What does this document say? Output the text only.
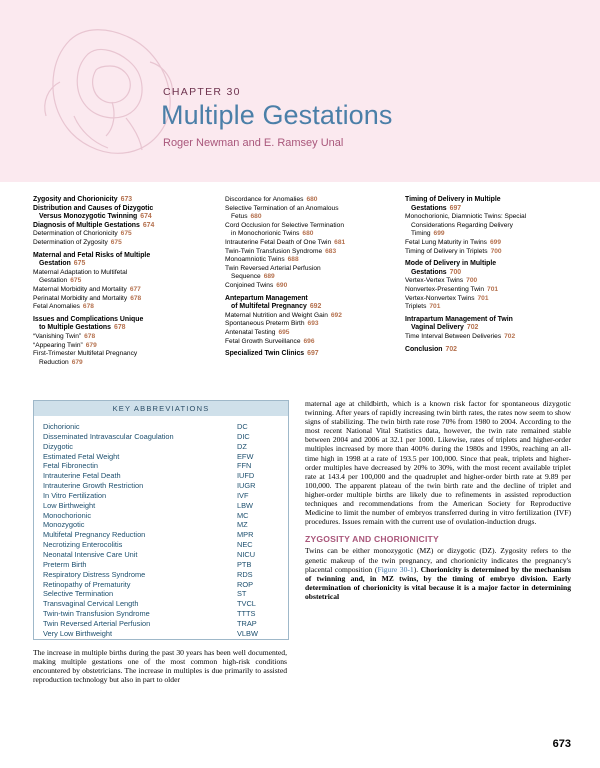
CHAPTER 30
Multiple Gestations
Roger Newman and E. Ramsey Unal
Zygosity and Chorionicity 673
Distribution and Causes of Dizygotic
Versus Monozygotic Twinning 674
Diagnosis of Multiple Gestations 674
Determination of Chorionicity 675
Determination of Zygosity 675
Maternal and Fetal Risks of Multiple
Gestation 675
Maternal Adaptation to Multifetal
Gestation 675
Maternal Morbidity and Mortality 677
Perinatal Morbidity and Mortality 678
Fetal Anomalies 678
Issues and Complications Unique
to Multiple Gestations 678
“Vanishing Twin” 678
“Appearing Twin” 679
First-Trimester Multifetal Pregnancy
Reduction 679
Discordance for Anomalies 680
Selective Termination of an Anomalous
Fetus 680
Cord Occlusion for Selective Termination
in Monochorionic Twins 680
Intrauterine Fetal Death of One Twin 681
Twin-Twin Transfusion Syndrome 683
Monoamniotic Twins 688
Twin Reversed Arterial Perfusion
Sequence 689
Conjoined Twins 690
Antepartum Management
of Multifetal Pregnancy 692
Maternal Nutrition and Weight Gain 692
Spontaneous Preterm Birth 693
Antenatal Testing 695
Fetal Growth Surveillance 696
Specialized Twin Clinics 697
Timing of Delivery in Multiple
Gestations 697
Monochorionic, Diamniotic Twins: Special
Considerations Regarding Delivery
Timing 699
Fetal Lung Maturity in Twins 699
Timing of Delivery in Triplets 700
Mode of Delivery in Multiple
Gestations 700
Vertex-Vertex Twins 700
Nonvertex-Presenting Twin 701
Vertex-Nonvertex Twins 701
Triplets 701
Intrapartum Management of Twin
Vaginal Delivery 702
Time Interval Between Deliveries 702
Conclusion 702
KEY ABBREVIATIONS
Dichorionic	DC
Disseminated Intravascular Coagulation	DIC
Dizygotic	DZ
Estimated Fetal Weight	EFW
Fetal Fibronectin	FFN
Intrauterine Fetal Death	IUFD
Intrauterine Growth Restriction	IUGR
In Vitro Fertilization	IVF
Low Birthweight	LBW
Monochorionic	MC
Monozygotic	MZ
Multifetal Pregnancy Reduction	MPR
Necrotizing Enterocolitis	NEC
Neonatal Intensive Care Unit	NICU
Preterm Birth	PTB
Respiratory Distress Syndrome	RDS
Retinopathy of Prematurity	ROP
Selective Termination	ST
Transvaginal Cervical Length	TVCL
Twin-twin Transfusion Syndrome	TTTS
Twin Reversed Arterial Perfusion	TRAP
Very Low Birthweight	VLBW

The increase in multiple births during the past 30 years has been well documented, making multiple gestations one of the most common high-risk conditions encountered by obstetricians. The increase in multiples is due primarily to assisted reproduction technology but also in part to older

maternal age at childbirth, which is a known risk factor for spontaneous dizygotic twinning. After years of rapidly increasing twin birth rates, the rates now seem to show signs of stabilizing. The twin birth rate rose 70% from 1980 to 2004. According to the most recent National Vital Statistics data, however, the twin rate remained stable between 2004 and 2006 at 32.1 per 1000. Likewise, rates of triplets and higher-order multiples increased by more than 400% during the 1980s and 1990s, reaching an all-time high in 1998 at a rate of 193.5 per 100,000. Since that peak, triplets and higher-order multiples have decreased by 20% to 30%, with the most recent available triplet rate at 143.4 per 100,000 and the quadruplet and higher-order birth rate at 9.89 per 100,000. The apparent plateau of the twin birth rate and the decline of triplet and higher-order multiple births are likely due to refinements in assisted reproduction techniques and recommendations from the American Society for Reproductive Medicine to limit the number of embryos transferred during in vitro fertilization (IVF) procedures. Issues remain with the current use of ovulation-induction drugs.

ZYGOSITY AND CHORIONICITY

Twins can be either monozygotic (MZ) or dizygotic (DZ). Zygosity refers to the genetic makeup of the twin pregnancy, and chorionicity indicates the pregnancy's placental composition (Figure 30-1). Chorionicity is determined by the mechanism of twinning and, in MZ twins, by the timing of embryo division. Early determination of chorionicity is vital because it is a major factor in determining obstetrical

673
